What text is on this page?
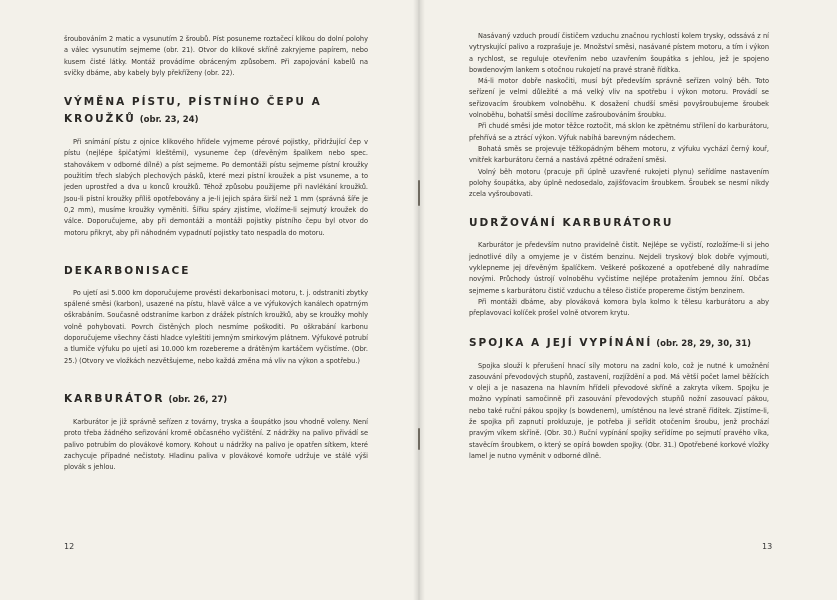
šroubováním 2 matic a vysunutím 2 šroubů. Píst posuneme roztačecí klikou do dolní polohy a válec vysunutím sejmeme (obr. 21). Otvor do klikové skříně zakryjeme papírem, nebo kusem čisté látky. Montáž provádíme obráceným způsobem. Při zapojování kabelů na svíčky dbáme, aby kabely byly překříženy (obr. 22).

VÝMĚNA PÍSTU, PÍSTNÍHO ČEPU A
KROUŽKŮ (obr. 23, 24)

Při snímání pístu z ojnice klikového hřídele vyjmeme pérové pojistky, přidržující čep v pístu (nejlépe špičatými kleštěmi), vysuneme čep (dřevěným špalíkem nebo spec. stahovákem v odborné dílně) a píst sejmeme. Po demontáži pístu sejmeme pístní kroužky použitím třech slabých plechových pásků, které mezi pístní kroužek a píst vsuneme, a to jeden uprostřed a dva u konců kroužků. Téhož způsobu použijeme při navlékání kroužků. Jsou-li pístní kroužky příliš opotřebovány a je-li jejich spára širší než 1 mm (správná šíře je 0,2 mm), musíme kroužky vyměniti. Šířku spáry zjistíme, vložíme-li sejmutý kroužek do válce. Doporučujeme, aby při demontáži a montáži pojistky pístního čepu byl otvor do motoru přikryt, aby při náhodném vypadnutí pojistky tato nespadla do motoru.

DEKARBONISACE

Po ujetí asi 5.000 km doporučujeme provésti dekarbonisaci motoru, t. j. odstraniti zbytky spálené směsi (karbon), usazené na pístu, hlavě válce a ve výfukových kanálech opatrným oškrabáním. Současně odstraníme karbon z drážek pístních kroužků, aby se kroužky mohly volně pohybovati. Povrch čistěných ploch nesmíme poškoditi. Po oškrabání karbonu doporučujeme všechny části hladce vyleštiti jemným smirkovým plátnem. Výfukové potrubí a tlumiče výfuku po ujetí asi 10.000 km rozebereme a drátěným kartáčem vyčistíme. (Obr. 25.) (Otvory ve vložkách nezvětšujeme, nebo každá změna má vliv na výkon a spotřebu.)

KARBURÁTOR (obr. 26, 27)

Karburátor je již správně seřízen z továrny, tryska a šoupátko jsou vhodně voleny. Není proto třeba žádného seřizování kromě občasného vyčištění. Z nádržky na palivo přivádí se palivo potrubím do plovákové komory. Kohout u nádržky na palivo je opatřen sítkem, které zachycuje případné nečistoty. Hladinu paliva v plovákové komoře udržuje ve stálé výši plovák s jehlou.

12

Nasávaný vzduch proudí čističem vzduchu značnou rychlostí kolem trysky, odssává z ní vytryskující palivo a rozprašuje je. Množství směsi, nasávané pístem motoru, a tím i výkon a rychlost, se reguluje otevřením nebo uzavřením šoupátka s jehlou, jež je spojeno bowdenovým lankem s otočnou rukojetí na pravé straně řídítka.

Má-li motor dobře naskočiti, musí být především správně seřízen volný běh. Toto seřízení je velmi důležité a má velký vliv na spotřebu i výkon motoru. Provádí se seřizovacím šroubkem volnoběhu. K dosažení chudší směsi povyšroubujeme šroubek volnoběhu, bohatší směsi docílíme zašroubováním šroubku.

Při chudé směsi jde motor těžce roztočit, má sklon ke zpětnému střílení do karburátoru, přehřívá se a ztrácí výkon. Výfuk nabíhá barevným nádechem.

Bohatá směs se projevuje těžkopádným během motoru, z výfuku vychází černý kouř, vnitřek karburátoru černá a nastává zpětné odražení směsi.

Volný běh motoru (pracuje při úplně uzavřené rukojeti plynu) seřídíme nastavením polohy šoupátka, aby úplně nedosedalo, zajišťovacím šroubkem. Šroubek se nesmí nikdy zcela vyšroubovati.

UDRŽOVÁNÍ KARBURÁTORU

Karburátor je především nutno pravidelně čistit. Nejlépe se vyčistí, rozložíme-li si jeho jednotlivé díly a omyjeme je v čistém benzinu. Nejdeli tryskový blok dobře vyjmouti, vyklepneme jej dřevěným špalíčkem. Veškeré poškozené a opotřebené díly nahradíme novými. Průchody ústrojí volnoběhu vyčistíme nejlépe protažením jemnou žíní. Občas sejmeme s karburátoru čistič vzduchu a těleso čističe propereme čistým benzinem.

Při montáži dbáme, aby plováková komora byla kolmo k tělesu karburátoru a aby přeplavovací kolíček prošel volně otvorem krytu.

SPOJKA A JEJÍ VYPÍNÁNÍ (obr. 28, 29, 30, 31)

Spojka slouží k přerušení hnací síly motoru na zadní kolo, což je nutné k umožnění zasouvání převodových stupňů, zastavení, rozjíždění a pod. Má větší počet lamel běžících v oleji a je nasazena na hlavním hřídeli převodové skříně a zakryta víkem. Spojku je možno vypínati samočinně při zasouvání převodových stupňů nožní zasouvací pákou, nebo také ruční pákou spojky (s bowdenem), umístěnou na levé straně řídítek. Zjistíme-li, že spojka při zapnutí prokluzuje, je potřeba ji seřídit otočením šroubu, jenž prochází pravým víkem skříně. (Obr. 30.) Ruční vypínání spojky seřídíme po sejmutí pravého víka, stavěcím šroubkem, o který se opírá bowden spojky. (Obr. 31.) Opotřebené korkové vložky lamel je nutno vyměnit v odborné dílně.

13
